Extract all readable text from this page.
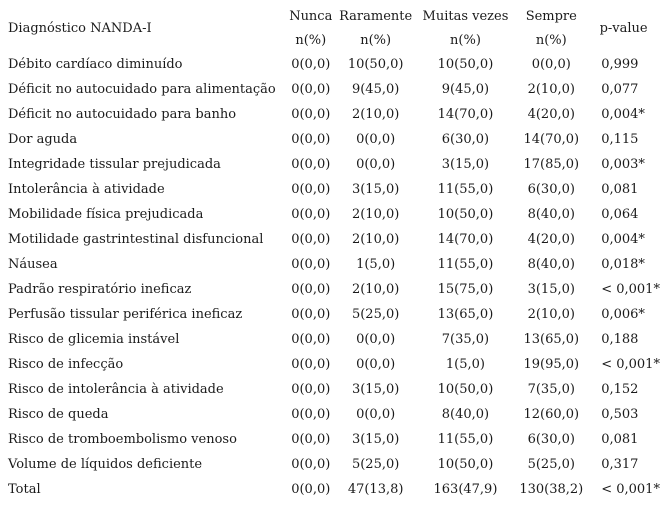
Diagnóstico NANDA-I	Nunca	Raramente	Muitas vezes	Sempre	p-value
	n(%)	n(%)	n(%)	n(%)	
Débito cardíaco diminuído	0(0,0)	10(50,0)	10(50,0)	0(0,0)	0,999
Déficit no autocuidado para alimentação	0(0,0)	9(45,0)	9(45,0)	2(10,0)	0,077
Déficit no autocuidado para banho	0(0,0)	2(10,0)	14(70,0)	4(20,0)	0,004*
Dor aguda	0(0,0)	0(0,0)	6(30,0)	14(70,0)	0,115
Integridade tissular prejudicada	0(0,0)	0(0,0)	3(15,0)	17(85,0)	0,003*
Intolerância à atividade	0(0,0)	3(15,0)	11(55,0)	6(30,0)	0,081
Mobilidade física prejudicada	0(0,0)	2(10,0)	10(50,0)	8(40,0)	0,064
Motilidade gastrintestinal disfuncional	0(0,0)	2(10,0)	14(70,0)	4(20,0)	0,004*
Náusea	0(0,0)	1(5,0)	11(55,0)	8(40,0)	0,018*
Padrão respiratório ineficaz	0(0,0)	2(10,0)	15(75,0)	3(15,0)	< 0,001*
Perfusão tissular periférica ineficaz	0(0,0)	5(25,0)	13(65,0)	2(10,0)	0,006*
Risco de glicemia instável	0(0,0)	0(0,0)	7(35,0)	13(65,0)	0,188
Risco de infecção	0(0,0)	0(0,0)	1(5,0)	19(95,0)	< 0,001*
Risco de intolerância à atividade	0(0,0)	3(15,0)	10(50,0)	7(35,0)	0,152
Risco de queda	0(0,0)	0(0,0)	8(40,0)	12(60,0)	0,503
Risco de tromboembolismo venoso	0(0,0)	3(15,0)	11(55,0)	6(30,0)	0,081
Volume de líquidos deficiente	0(0,0)	5(25,0)	10(50,0)	5(25,0)	0,317
Total	0(0,0)	47(13,8)	163(47,9)	130(38,2)	< 0,001*
